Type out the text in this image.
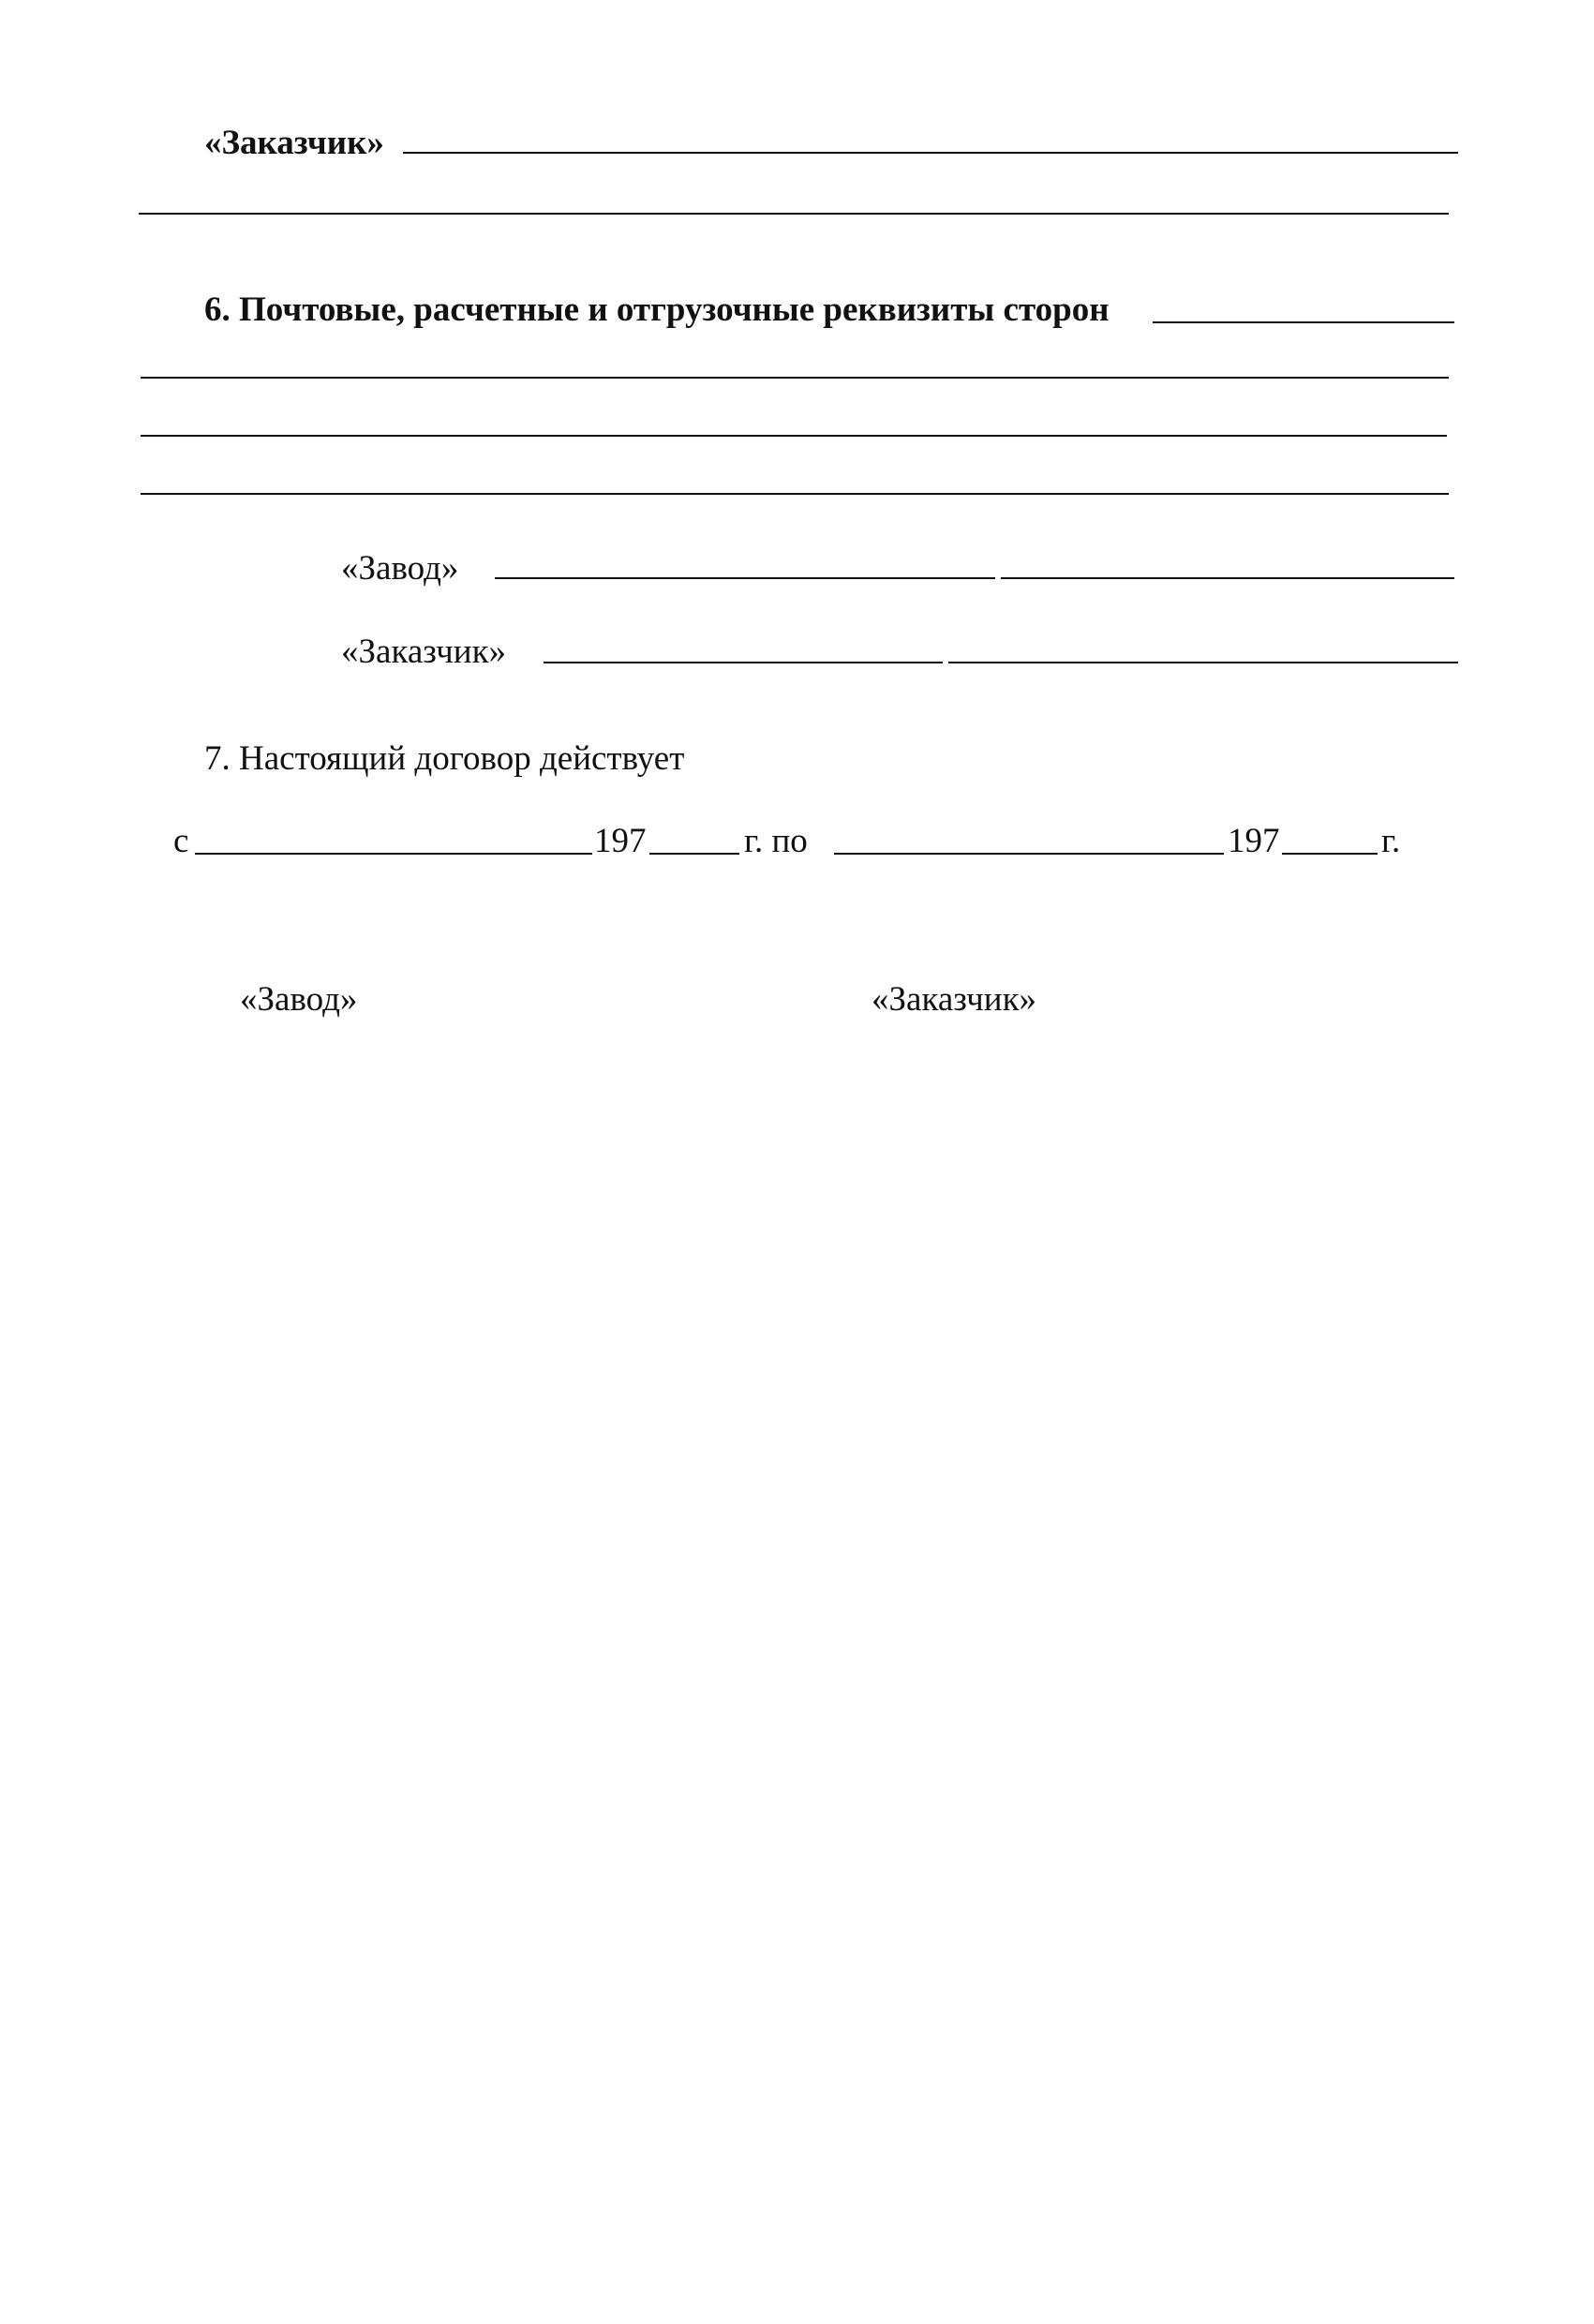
«Заказчик»
6. Почтовые, расчетные и отгрузочные реквизиты сторон
«Завод»
«Заказчик»
7. Настоящий договор действует
с	197	г. по	197	г.
«Завод»	«Заказчик»
